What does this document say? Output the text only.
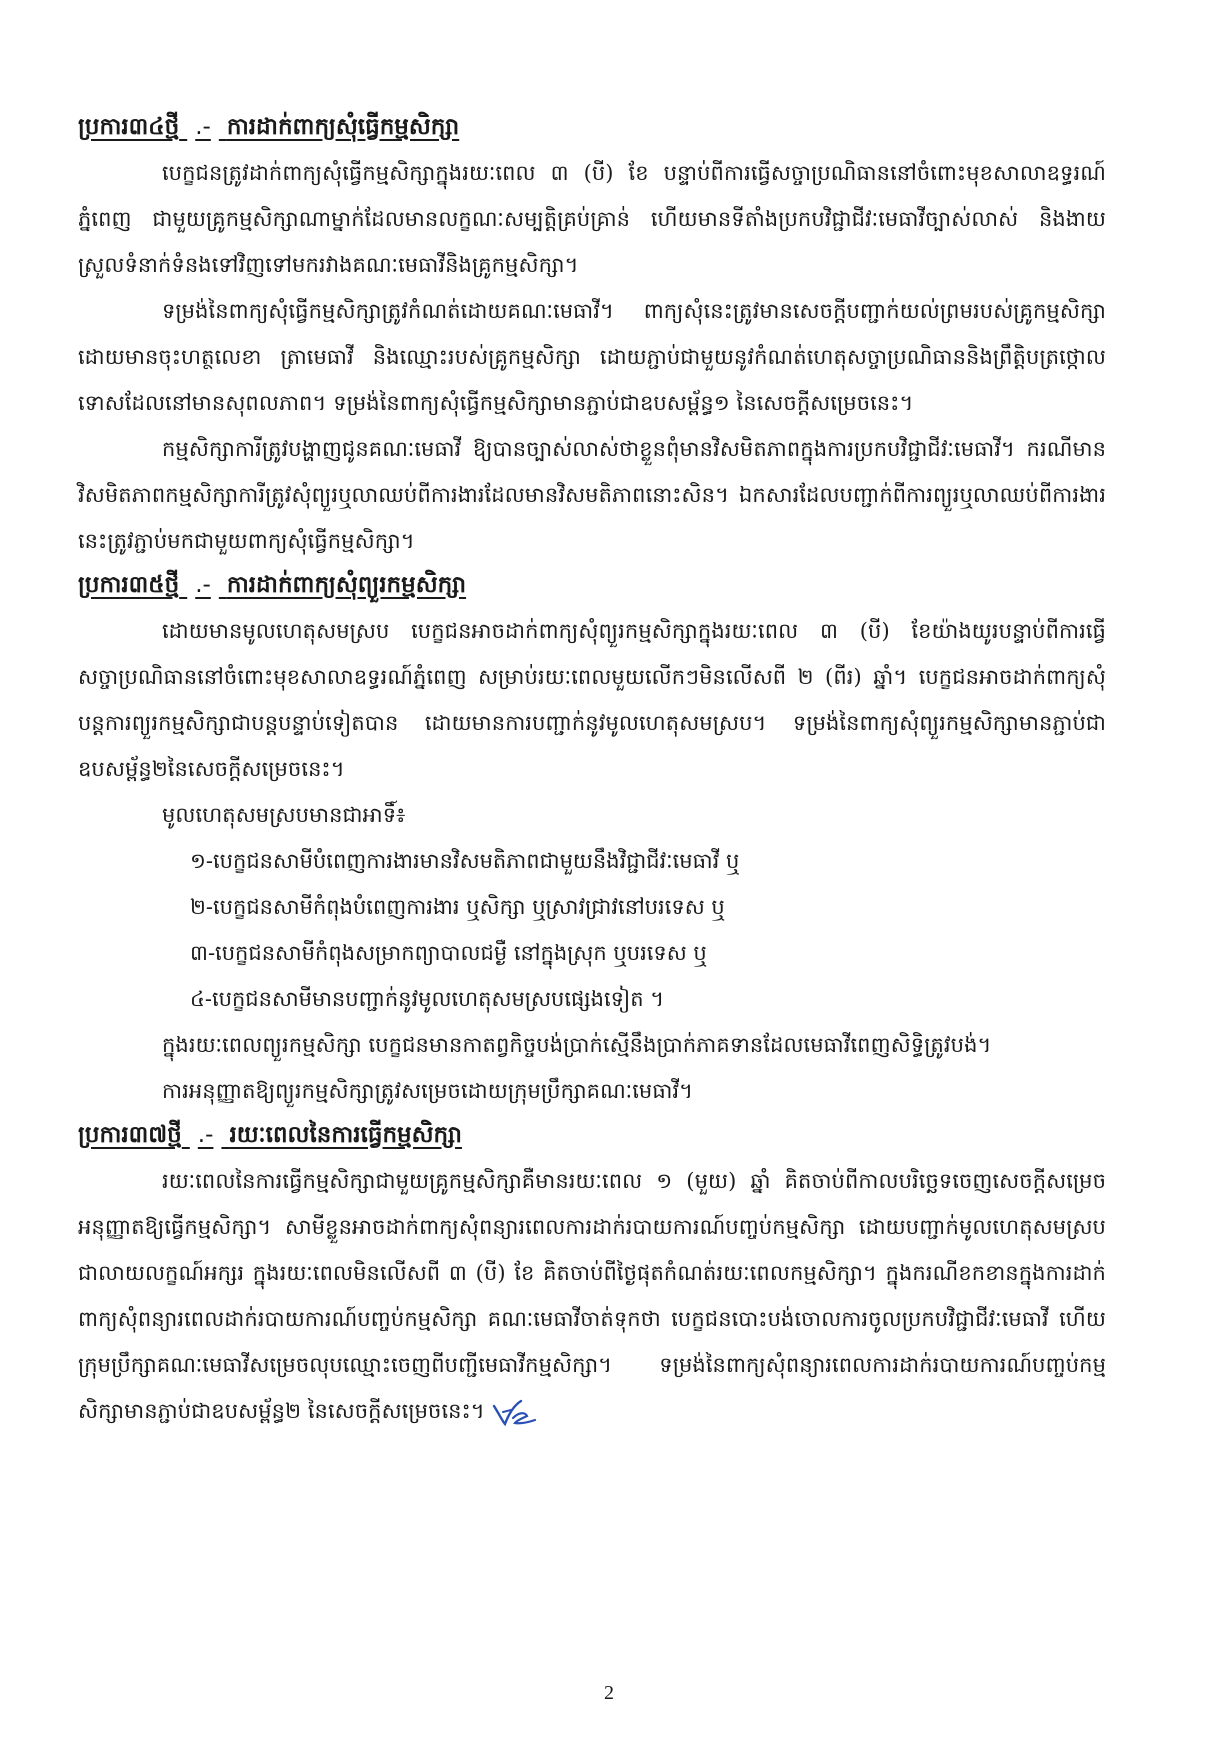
ប្រការ៣៤ថ្មី .- ការដាក់ពាក្យសុំធ្វើកម្មសិក្សា

បេក្ខជនត្រូវដាក់ពាក្យសុំធ្វើកម្មសិក្សាក្នុងរយៈពេល ៣ (បី) ខែ បន្ទាប់ពីការធ្វើសច្ចាប្រណិធាននៅចំពោះមុខសាលាឧទ្ធរណ៍ភ្នំពេញ ជាមួយគ្រូកម្មសិក្សាណាម្នាក់ដែលមានលក្ខណៈសម្បត្តិគ្រប់គ្រាន់ ហើយមានទីតាំងប្រកបវិជ្ជាជីវៈមេធាវីច្បាស់លាស់ និងងាយស្រួលទំនាក់ទំនងទៅវិញទៅមករវាងគណៈមេធាវីនិងគ្រូកម្មសិក្សា។

ទម្រង់នៃពាក្យសុំធ្វើកម្មសិក្សាត្រូវកំណត់ដោយគណៈមេធាវី។ ពាក្យសុំនេះត្រូវមានសេចក្ដីបញ្ជាក់យល់ព្រមរបស់គ្រូកម្មសិក្សា ដោយមានចុះហត្ថលេខា ត្រាមេធាវី និងឈ្មោះរបស់គ្រូកម្មសិក្សា ដោយភ្ជាប់ជាមួយនូវកំណត់ហេតុសច្ចាប្រណិធាននិងព្រឹត្តិបត្រថ្កោលទោសដែលនៅមានសុពលភាព។ ទម្រង់នៃពាក្យសុំធ្វើកម្មសិក្សាមានភ្ជាប់ជាឧបសម្ព័ន្ធ១ នៃសេចក្ដីសម្រេចនេះ។

កម្មសិក្សាការីត្រូវបង្ហាញជូនគណៈមេធាវី ឱ្យបានច្បាស់លាស់ថាខ្លួនពុំមានវិសមិតភាពក្នុងការប្រកបវិជ្ជាជីវៈមេធាវី។ ករណីមានវិសមិតភាពកម្មសិក្សាការីត្រូវសុំព្យួរឬលាឈប់ពីការងារដែលមានវិសមតិភាពនោះសិន។ ឯកសារដែលបញ្ជាក់ពីការព្យួរឬលាឈប់ពីការងារនេះត្រូវភ្ជាប់មកជាមួយពាក្យសុំធ្វើកម្មសិក្សា។

ប្រការ៣៥ថ្មី .- ការដាក់ពាក្យសុំព្យួរកម្មសិក្សា

ដោយមានមូលហេតុសមស្រប បេក្ខជនអាចដាក់ពាក្យសុំព្យួរកម្មសិក្សាក្នុងរយៈពេល ៣ (បី) ខែយ៉ាងយូរបន្ទាប់ពីការធ្វើសច្ចាប្រណិធាននៅចំពោះមុខសាលាឧទ្ធរណ៍ភ្នំពេញ សម្រាប់រយៈពេលមួយលើកៗមិនលើសពី ២ (ពីរ) ឆ្នាំ។ បេក្ខជនអាចដាក់ពាក្យសុំបន្តការព្យួរកម្មសិក្សាជាបន្តបន្ទាប់ទៀតបាន ដោយមានការបញ្ជាក់នូវមូលហេតុសមស្រប។ ទម្រង់នៃពាក្យសុំព្យួរកម្មសិក្សាមានភ្ជាប់ជាឧបសម្ព័ន្ធ២នៃសេចក្ដីសម្រេចនេះ។

មូលហេតុសមស្របមានជាអាទិ៍៖

១-បេក្ខជនសាមីបំពេញការងារមានវិសមតិភាពជាមួយនឹងវិជ្ជាជីវៈមេធាវី ឬ

២-បេក្ខជនសាមីកំពុងបំពេញការងារ ឬសិក្សា ឬស្រាវជ្រាវនៅបរទេស ឬ

៣-បេក្ខជនសាមីកំពុងសម្រាកព្យាបាលជម្ងឺ នៅក្នុងស្រុក ឬបរទេស ឬ

៤-បេក្ខជនសាមីមានបញ្ជាក់នូវមូលហេតុសមស្របផ្សេងទៀត ។

ក្នុងរយៈពេលព្យួរកម្មសិក្សា បេក្ខជនមានកាតព្វកិច្ចបង់ប្រាក់ស្មើនឹងប្រាក់ភាគទានដែលមេធាវីពេញសិទ្ធិត្រូវបង់។

ការអនុញ្ញាតឱ្យព្យួរកម្មសិក្សាត្រូវសម្រេចដោយក្រុមប្រឹក្សាគណៈមេធាវី។

ប្រការ៣៧ថ្មី .- រយៈពេលនៃការធ្វើកម្មសិក្សា

រយៈពេលនៃការធ្វើកម្មសិក្សាជាមួយគ្រូកម្មសិក្សាគឺមានរយៈពេល ១ (មួយ) ឆ្នាំ គិតចាប់ពីកាលបរិច្ឆេទចេញសេចក្ដីសម្រេចអនុញ្ញាតឱ្យធ្វើកម្មសិក្សា។ សាមីខ្លួនអាចដាក់ពាក្យសុំពន្យារពេលការដាក់របាយការណ៍បញ្ចប់កម្មសិក្សា ដោយបញ្ជាក់មូលហេតុសមស្របជាលាយលក្ខណ៍អក្សរ ក្នុងរយៈពេលមិនលើសពី ៣ (បី) ខែ គិតចាប់ពីថ្ងៃផុតកំណត់រយៈពេលកម្មសិក្សា។ ក្នុងករណីខកខានក្នុងការដាក់ពាក្យសុំពន្យារពេលដាក់របាយការណ៍បញ្ចប់កម្មសិក្សា គណៈមេធាវីចាត់ទុកថា បេក្ខជនបោះបង់ចោលការចូលប្រកបវិជ្ជាជីវៈមេធាវី ហើយក្រុមប្រឹក្សាគណៈមេធាវីសម្រេចលុបឈ្មោះចេញពីបញ្ជីមេធាវីកម្មសិក្សា។ ទម្រង់នៃពាក្យសុំពន្យារពេលការដាក់របាយការណ៍បញ្ចប់កម្មសិក្សាមានភ្ជាប់ជាឧបសម្ព័ន្ធ២ នៃសេចក្ដីសម្រេចនេះ។

2
